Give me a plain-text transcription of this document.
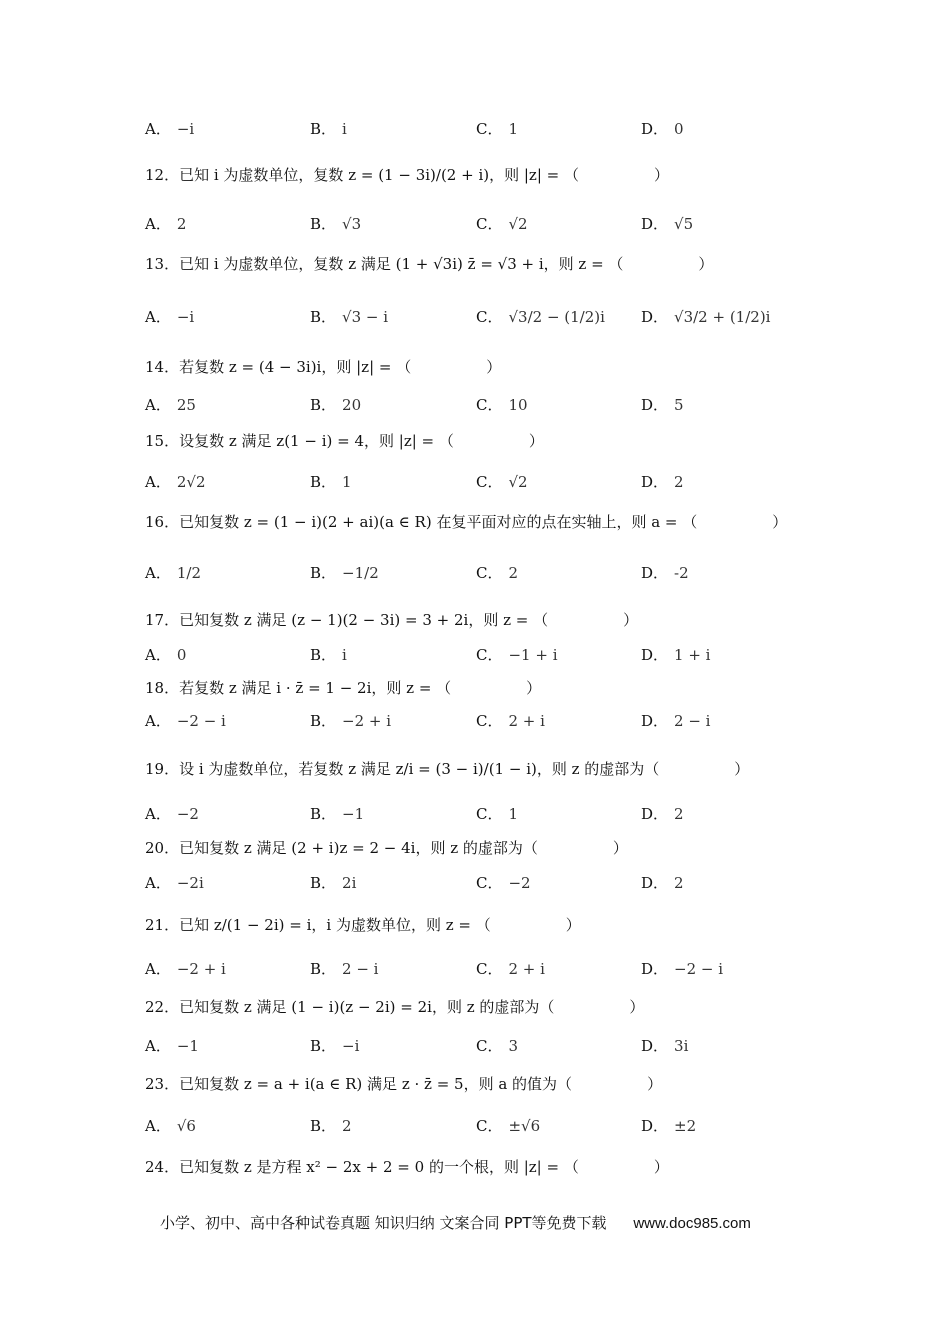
A． −i	B． i	C． 1	D． 0
12．已知 i 为虚数单位，复数 z = (1 − 3i)/(2 + i)，则 |z| = （　　　　　）
A． 2	B． √3	C． √2	D． √5
13．已知 i 为虚数单位，复数 z 满足 (1 + √3i) z̄ = √3 + i，则 z = （　　　　　）
A． −i	B． √3 − i	C． √3/2 − (1/2)i D． √3/2 + (1/2)i
14．若复数 z = (4 − 3i)i，则 |z| = （　　　　　）
A． 25	B． 20	C． 10	D． 5
15．设复数 z 满足 z(1 − i) = 4，则 |z| = （　　　　　）
A． 2√2	B． 1	C． √2	D． 2
16．已知复数 z = (1 − i)(2 + ai)(a ∈ R) 在复平面对应的点在实轴上，则 a = （　　　　　）
A． 1/2	B． −1/2	C． 2	D． -2
17．已知复数 z 满足 (z − 1)(2 − 3i) = 3 + 2i，则 z = （　　　　　）
A． 0	B． i	C． −1 + i	D． 1 + i
18．若复数 z 满足 i · z̄ = 1 − 2i，则 z = （　　　　　）
A． −2 − i	B． −2 + i	C． 2 + i	D． 2 − i
19．设 i 为虚数单位，若复数 z 满足 z/i = (3 − i)/(1 − i)，则 z 的虚部为（　　　　　）
A． −2	B． −1	C． 1	D． 2
20．已知复数 z 满足 (2 + i)z = 2 − 4i，则 z 的虚部为（　　　　　）
A． −2i	B． 2i	C． −2	D． 2
21．已知 z/(1 − 2i) = i，i 为虚数单位，则 z = （　　　　　）
A． −2 + i	B． 2 − i	C． 2 + i	D． −2 − i
22．已知复数 z 满足 (1 − i)(z − 2i) = 2i，则 z 的虚部为（　　　　　）
A． −1	B． −i	C． 3	D． 3i
23．已知复数 z = a + i(a ∈ R) 满足 z · z̄ = 5，则 a 的值为（　　　　　）
A． √6	B． 2	C． ±√6	D． ±2
24．已知复数 z 是方程 x² − 2x + 2 = 0 的一个根，则 |z| = （　　　　　）
小学、初中、高中各种试卷真题 知识归纳 文案合同 PPT等免费下载 www.doc985.com
